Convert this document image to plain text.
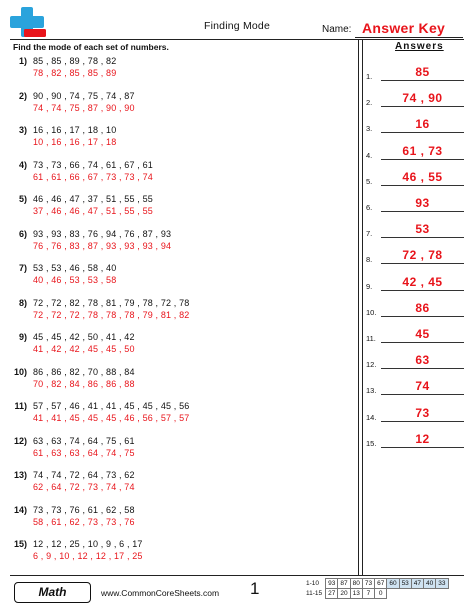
Finding Mode	Name: Answer Key
Find the mode of each set of numbers.	Answers
1) 85 , 85 , 89 , 78 , 82
78 , 82 , 85 , 85 , 89
2) 90 , 90 , 74 , 75 , 74 , 87
74 , 74 , 75 , 87 , 90 , 90
3) 16 , 16 , 17 , 18 , 10
10 , 16 , 16 , 17 , 18
4) 73 , 73 , 66 , 74 , 61 , 67 , 61
61 , 61 , 66 , 67 , 73 , 73 , 74
5) 46 , 46 , 47 , 37 , 51 , 55 , 55
37 , 46 , 46 , 47 , 51 , 55 , 55
6) 93 , 93 , 83 , 76 , 94 , 76 , 87 , 93
76 , 76 , 83 , 87 , 93 , 93 , 93 , 94
7) 53 , 53 , 46 , 58 , 40
40 , 46 , 53 , 53 , 58
8) 72 , 72 , 82 , 78 , 81 , 79 , 78 , 72 , 78
72 , 72 , 72 , 78 , 78 , 78 , 79 , 81 , 82
9) 45 , 45 , 42 , 50 , 41 , 42
41 , 42 , 42 , 45 , 45 , 50
10) 86 , 86 , 82 , 70 , 88 , 84
70 , 82 , 84 , 86 , 86 , 88
11) 57 , 57 , 46 , 41 , 41 , 45 , 45 , 45 , 56
41 , 41 , 45 , 45 , 45 , 46 , 56 , 57 , 57
12) 63 , 63 , 74 , 64 , 75 , 61
61 , 63 , 63 , 64 , 74 , 75
13) 74 , 74 , 72 , 64 , 73 , 62
62 , 64 , 72 , 73 , 74 , 74
14) 73 , 73 , 76 , 61 , 62 , 58
58 , 61 , 62 , 73 , 73 , 76
15) 12 , 12 , 25 , 10 , 9 , 6 , 17
6 , 9 , 10 , 12 , 12 , 17 , 25
1.	85
2.	74 , 90
3.	16
4.	61 , 73
5.	46 , 55
6.	93
7.	53
8.	72 , 78
9.	42 , 45
10.	86
11.	45
12.	63
13.	74
14.	73
15.	12
Math	www.CommonCoreSheets.com 1	1-10	93	87	80	73	67	60	53	47	40	33
11-15	27	20	13	7	0					
